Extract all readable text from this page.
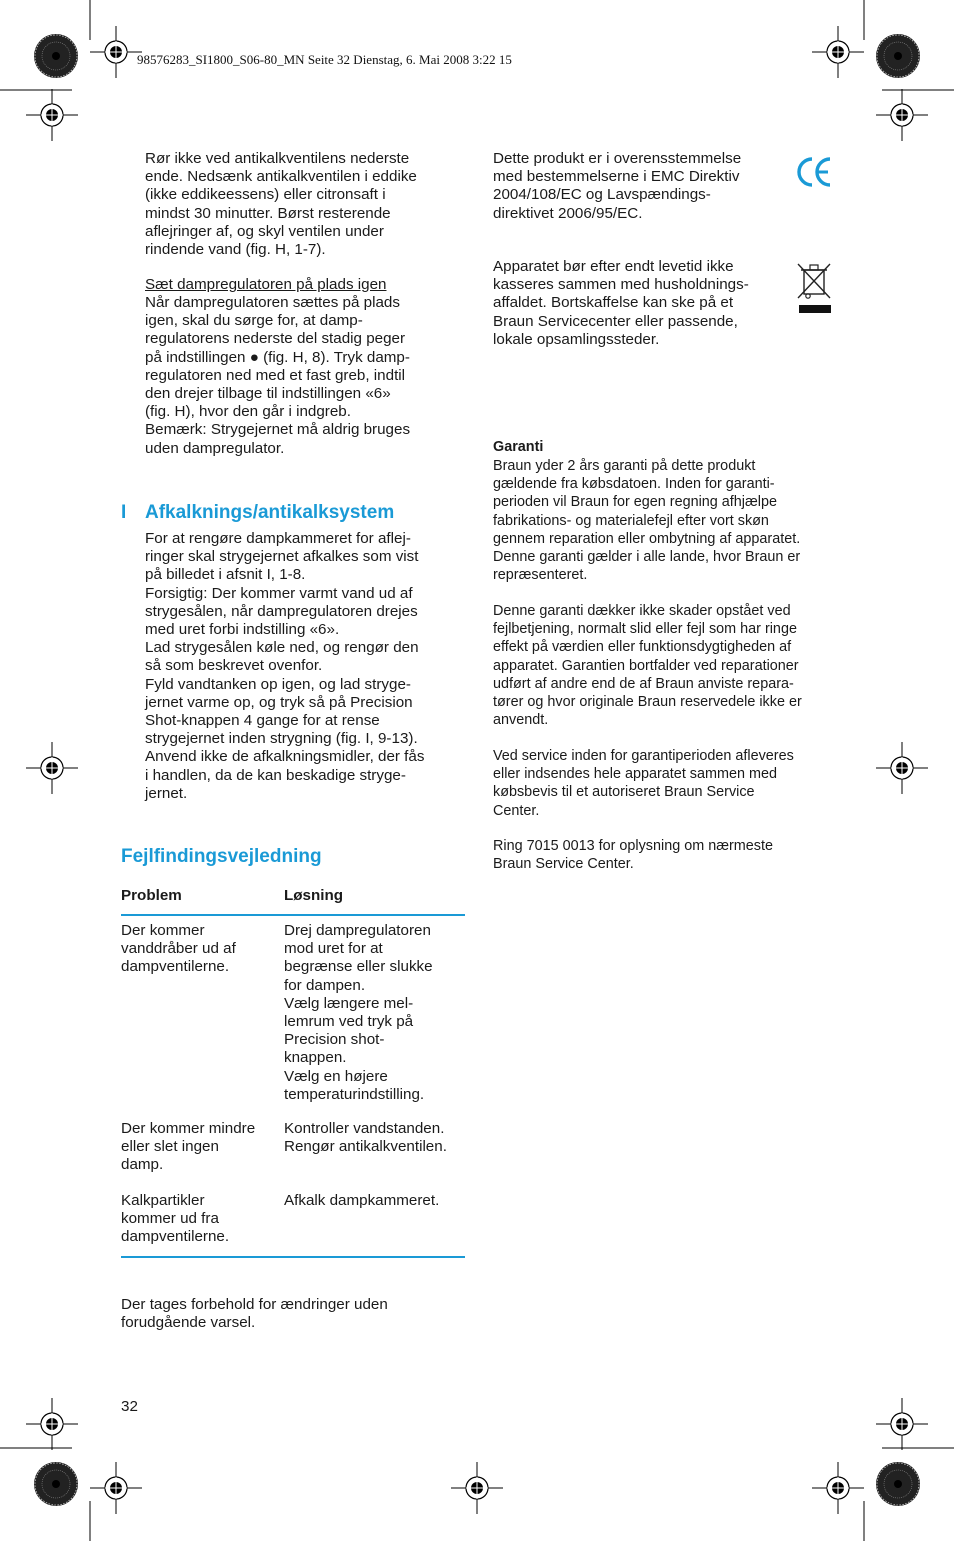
98576283_SI1800_S06-80_MN Seite 32 Dienstag, 6. Mai 2008 3:22 15
Rør ikke ved antikalkventilens nederste
ende. Nedsænk antikalkventilen i eddike
(ikke eddikeessens) eller citronsaft i
mindst 30 minutter. Børst resterende
aflejringer af, og skyl ventilen under
rindende vand (fig. H, 1-7).
Sæt dampregulatoren på plads igen
Når dampregulatoren sættes på plads
igen, skal du sørge for, at damp-
regulatorens nederste del stadig peger
på indstillingen ● (fig. H, 8). Tryk damp-
regulatoren ned med et fast greb, indtil
den drejer tilbage til indstillingen «6»
(fig. H), hvor den går i indgreb.
Bemærk: Strygejernet må aldrig bruges
uden dampregulator.
I Afkalknings/antikalksystem
For at rengøre dampkammeret for aflej-
ringer skal strygejernet afkalkes som vist
på billedet i afsnit I, 1-8.
Forsigtig: Der kommer varmt vand ud af
strygesålen, når dampregulatoren drejes
med uret forbi indstilling «6».
Lad strygesålen køle ned, og rengør den
så som beskrevet ovenfor.
Fyld vandtanken op igen, og lad stryge-
jernet varme op, og tryk så på Precision
Shot-knappen 4 gange for at rense
strygejernet inden strygning (fig. I, 9-13).
Anvend ikke de afkalkningsmidler, der fås
i handlen, da de kan beskadige stryge-
jernet.
Fejlfindingsvejledning
Problem	Løsning
Der kommer
vanddråber ud af
dampventilerne.
Drej dampregulatoren
mod uret for at
begrænse eller slukke
for dampen.
Vælg længere mel-
lemrum ved tryk på
Precision shot-
knappen.
Vælg en højere
temperaturindstilling.
Der kommer mindre
eller slet ingen
damp.
Kontroller vandstanden.
Rengør antikalkventilen.
Kalkpartikler
kommer ud fra
dampventilerne.
Afkalk dampkammeret.
Der tages forbehold for ændringer uden
forudgående varsel.
32
Dette produkt er i overensstemmelse
med bestemmelserne i EMC Direktiv
2004/108/EC og Lavspændings-
direktivet 2006/95/EC.
Apparatet bør efter endt levetid ikke
kasseres sammen med husholdnings-
affaldet. Bortskaffelse kan ske på et
Braun Servicecenter eller passende,
lokale opsamlingssteder.
Garanti
Braun yder 2 års garanti på dette produkt
gældende fra købsdatoen. Inden for garanti-
perioden vil Braun for egen regning afhjælpe
fabrikations- og materialefejl efter vort skøn
gennem reparation eller ombytning af apparatet.
Denne garanti gælder i alle lande, hvor Braun er
repræsenteret.
Denne garanti dækker ikke skader opstået ved
fejlbetjening, normalt slid eller fejl som har ringe
effekt på værdien eller funktionsdygtigheden af
apparatet. Garantien bortfalder ved reparationer
udført af andre end de af Braun anviste repara-
tører og hvor originale Braun reservedele ikke er
anvendt.
Ved service inden for garantiperioden afleveres
eller indsendes hele apparatet sammen med
købsbevis til et autoriseret Braun Service
Center.
Ring 7015 0013 for oplysning om nærmeste
Braun Service Center.
